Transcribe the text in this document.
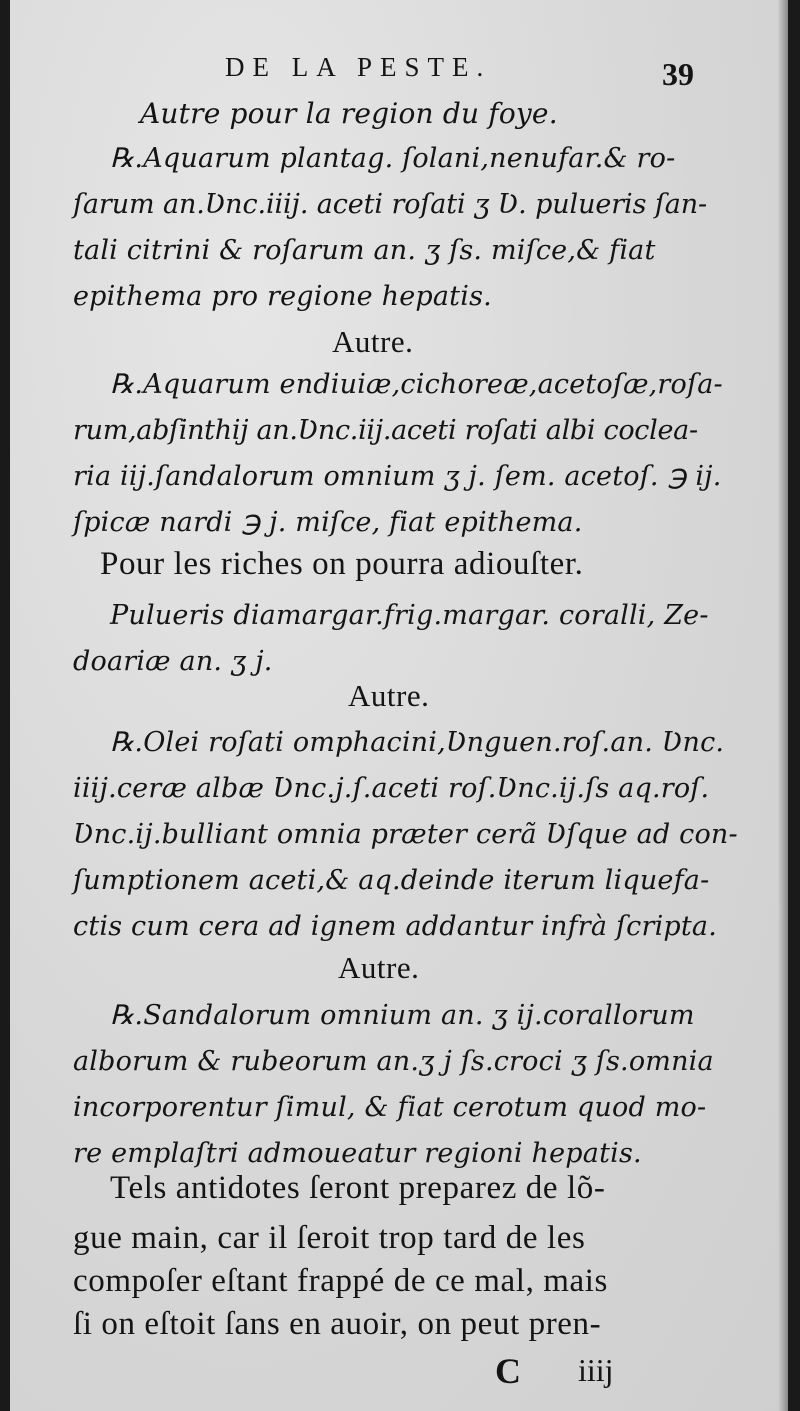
DE LA PESTE.	39
Autre pour la region du foye.
℞.Aquarum plantag. ſolani,nenufar.& ro-
ſarum an.Ʋnc.iiij. aceti roſati ʒ Ʋ. pulueris ſan-
tali citrini & roſarum an. ʒ ſs. miſce,& fiat
epithema pro regione hepatis.
Autre.
℞.Aquarum endiuiæ,cichoreæ,acetoſæ,roſa-
rum,abſinthij an.Ʋnc.iij.aceti roſati albi coclea-
ria iij.ſandalorum omnium ʒ j. ſem. acetoſ. ℈ ij.
ſpicæ nardi ℈ j. miſce, fiat epithema.
Pour les riches on pourra adiouſter.
Pulueris diamargar.frig.margar. coralli, Ze-
doariæ an. ʒ j.
Autre.
℞.Olei roſati omphacini,Ʋnguen.roſ.an. Ʋnc.
iiij.ceræ albæ Ʋnc.j.ſ.aceti roſ.Ʋnc.ij.ſs aq.roſ.
Ʋnc.ij.bulliant omnia præter cerã Ʋſque ad con-
ſumptionem aceti,& aq.deinde iterum liquefa-
ctis cum cera ad ignem addantur infrà ſcripta.
Autre.
℞.Sandalorum omnium an. ʒ ij.corallorum
alborum & rubeorum an.ʒ j ſs.croci ʒ ſs.omnia
incorporentur ſimul, & fiat cerotum quod mo-
re emplaſtri admoueatur regioni hepatis.
Tels antidotes ſeront preparez de lõ-
gue main, car il ſeroit trop tard de les
compoſer eſtant frappé de ce mal, mais
ſi on eſtoit ſans en auoir, on peut pren-
C iiij
